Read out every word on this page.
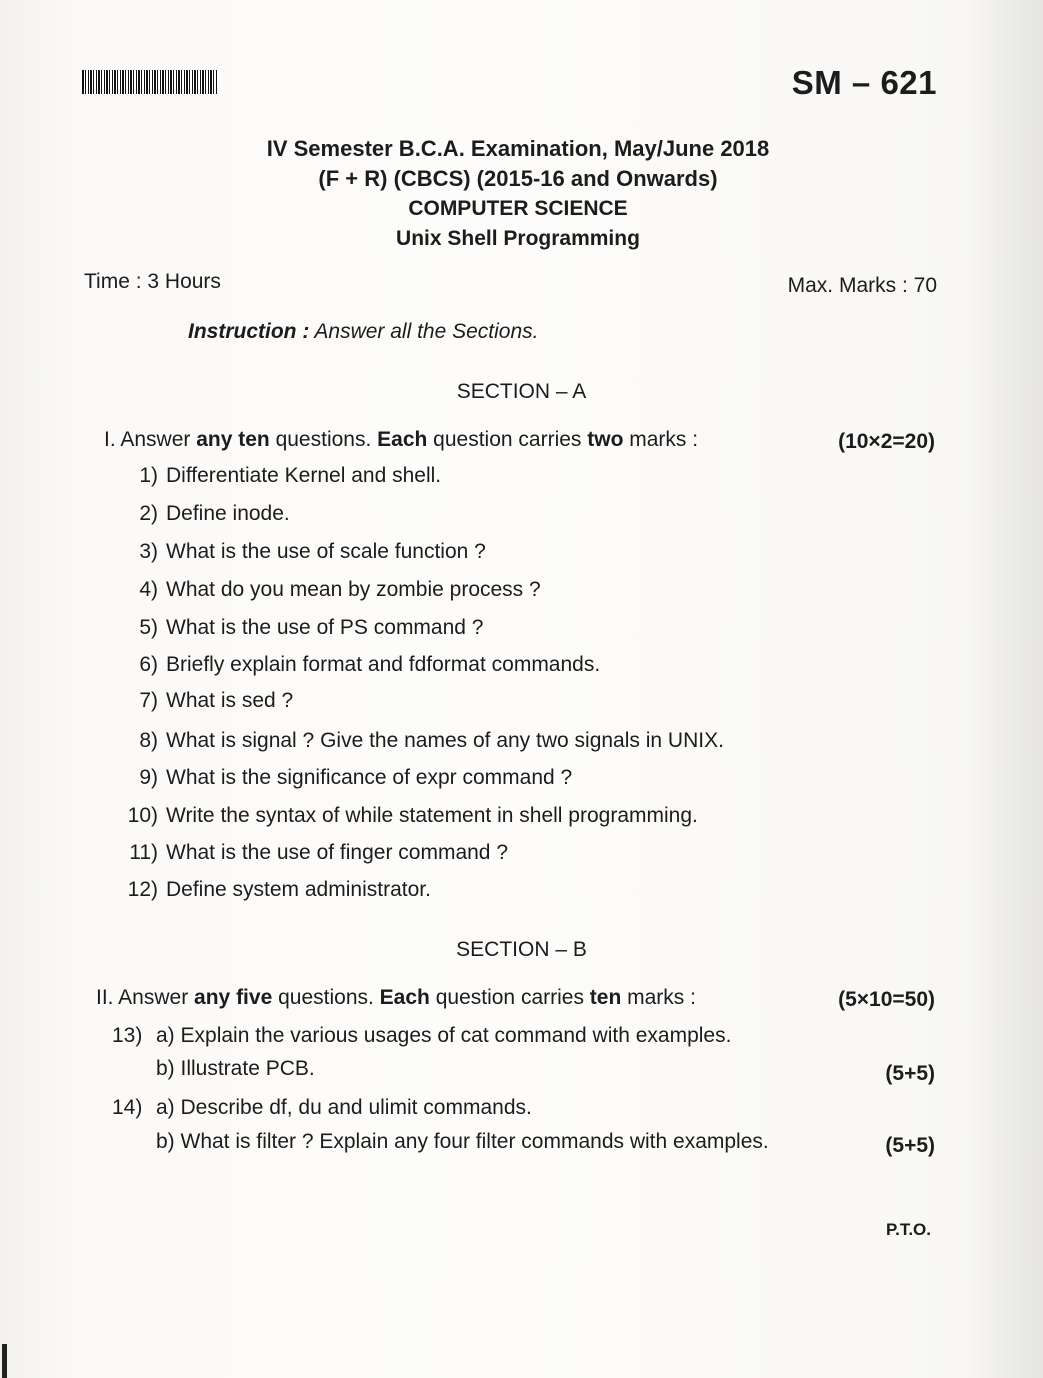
SM – 621
IV Semester B.C.A. Examination, May/June 2018
(F + R) (CBCS) (2015-16 and Onwards)
COMPUTER SCIENCE
Unix Shell Programming
Time : 3 Hours	Max. Marks : 70
Instruction : Answer all the Sections.
SECTION – A
I. Answer any ten questions. Each question carries two marks :	(10×2=20)
1) Differentiate Kernel and shell.
2) Define inode.
3) What is the use of scale function ?
4) What do you mean by zombie process ?
5) What is the use of PS command ?
6) Briefly explain format and fdformat commands.
7) What is sed ?
8) What is signal ? Give the names of any two signals in UNIX.
9) What is the significance of expr command ?
10) Write the syntax of while statement in shell programming.
11) What is the use of finger command ?
12) Define system administrator.
SECTION – B
II. Answer any five questions. Each question carries ten marks :	(5×10=50)
13) a) Explain the various usages of cat command with examples.
b) Illustrate PCB.	(5+5)
14) a) Describe df, du and ulimit commands.
b) What is filter ? Explain any four filter commands with examples.	(5+5)
P.T.O.
